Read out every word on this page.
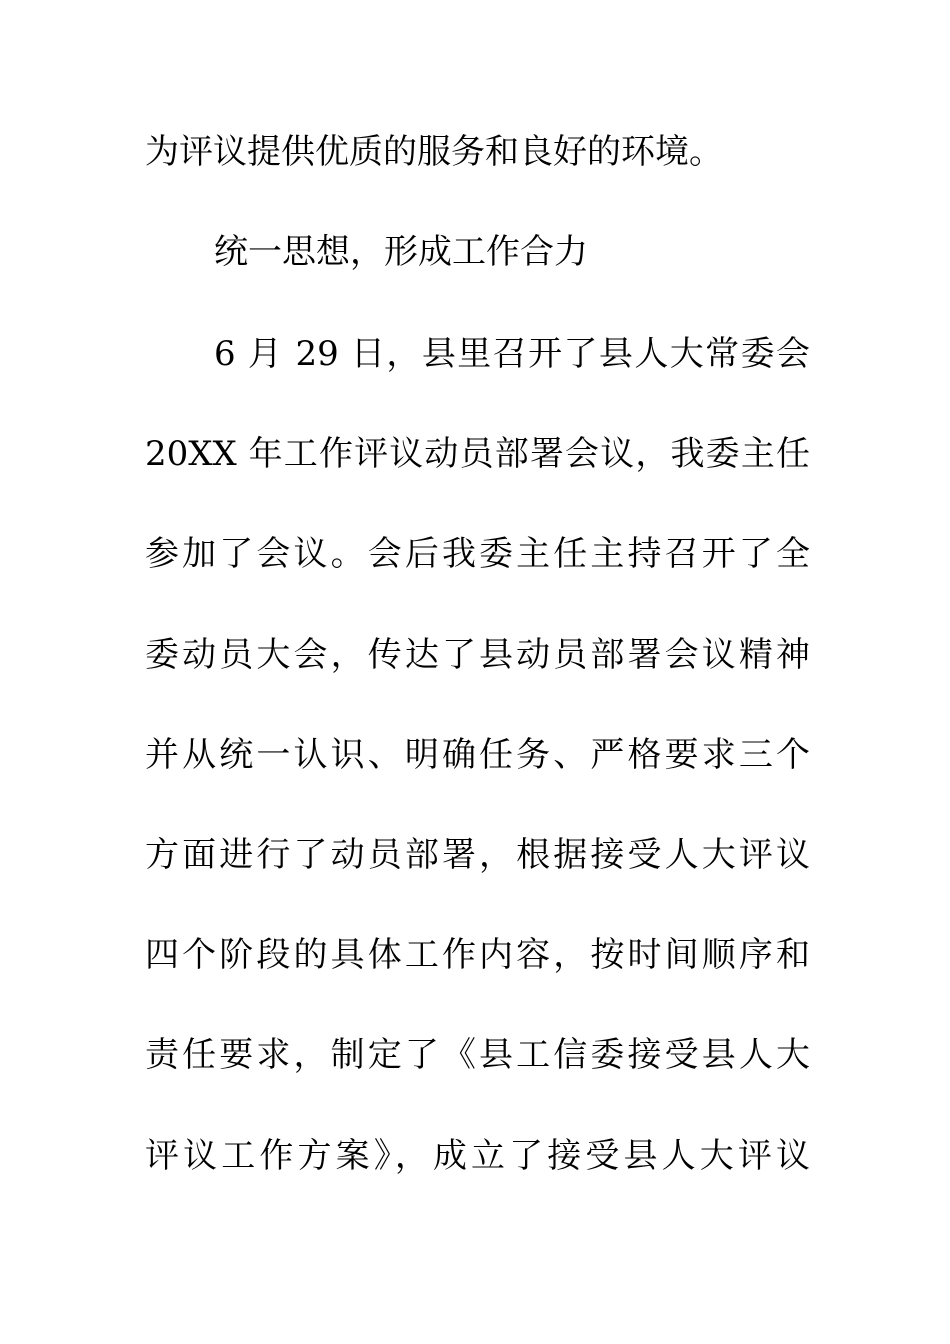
为评议提供优质的服务和良好的环境。
统一思想，形成工作合力
6 月 29 日，县里召开了县人大常委会
20XX 年工作评议动员部署会议，我委主任
参加了会议。会后我委主任主持召开了全
委动员大会，传达了县动员部署会议精神
并从统一认识、明确任务、严格要求三个
方面进行了动员部署，根据接受人大评议
四个阶段的具体工作内容，按时间顺序和
责任要求，制定了《县工信委接受县人大
评议工作方案》，成立了接受县人大评议
